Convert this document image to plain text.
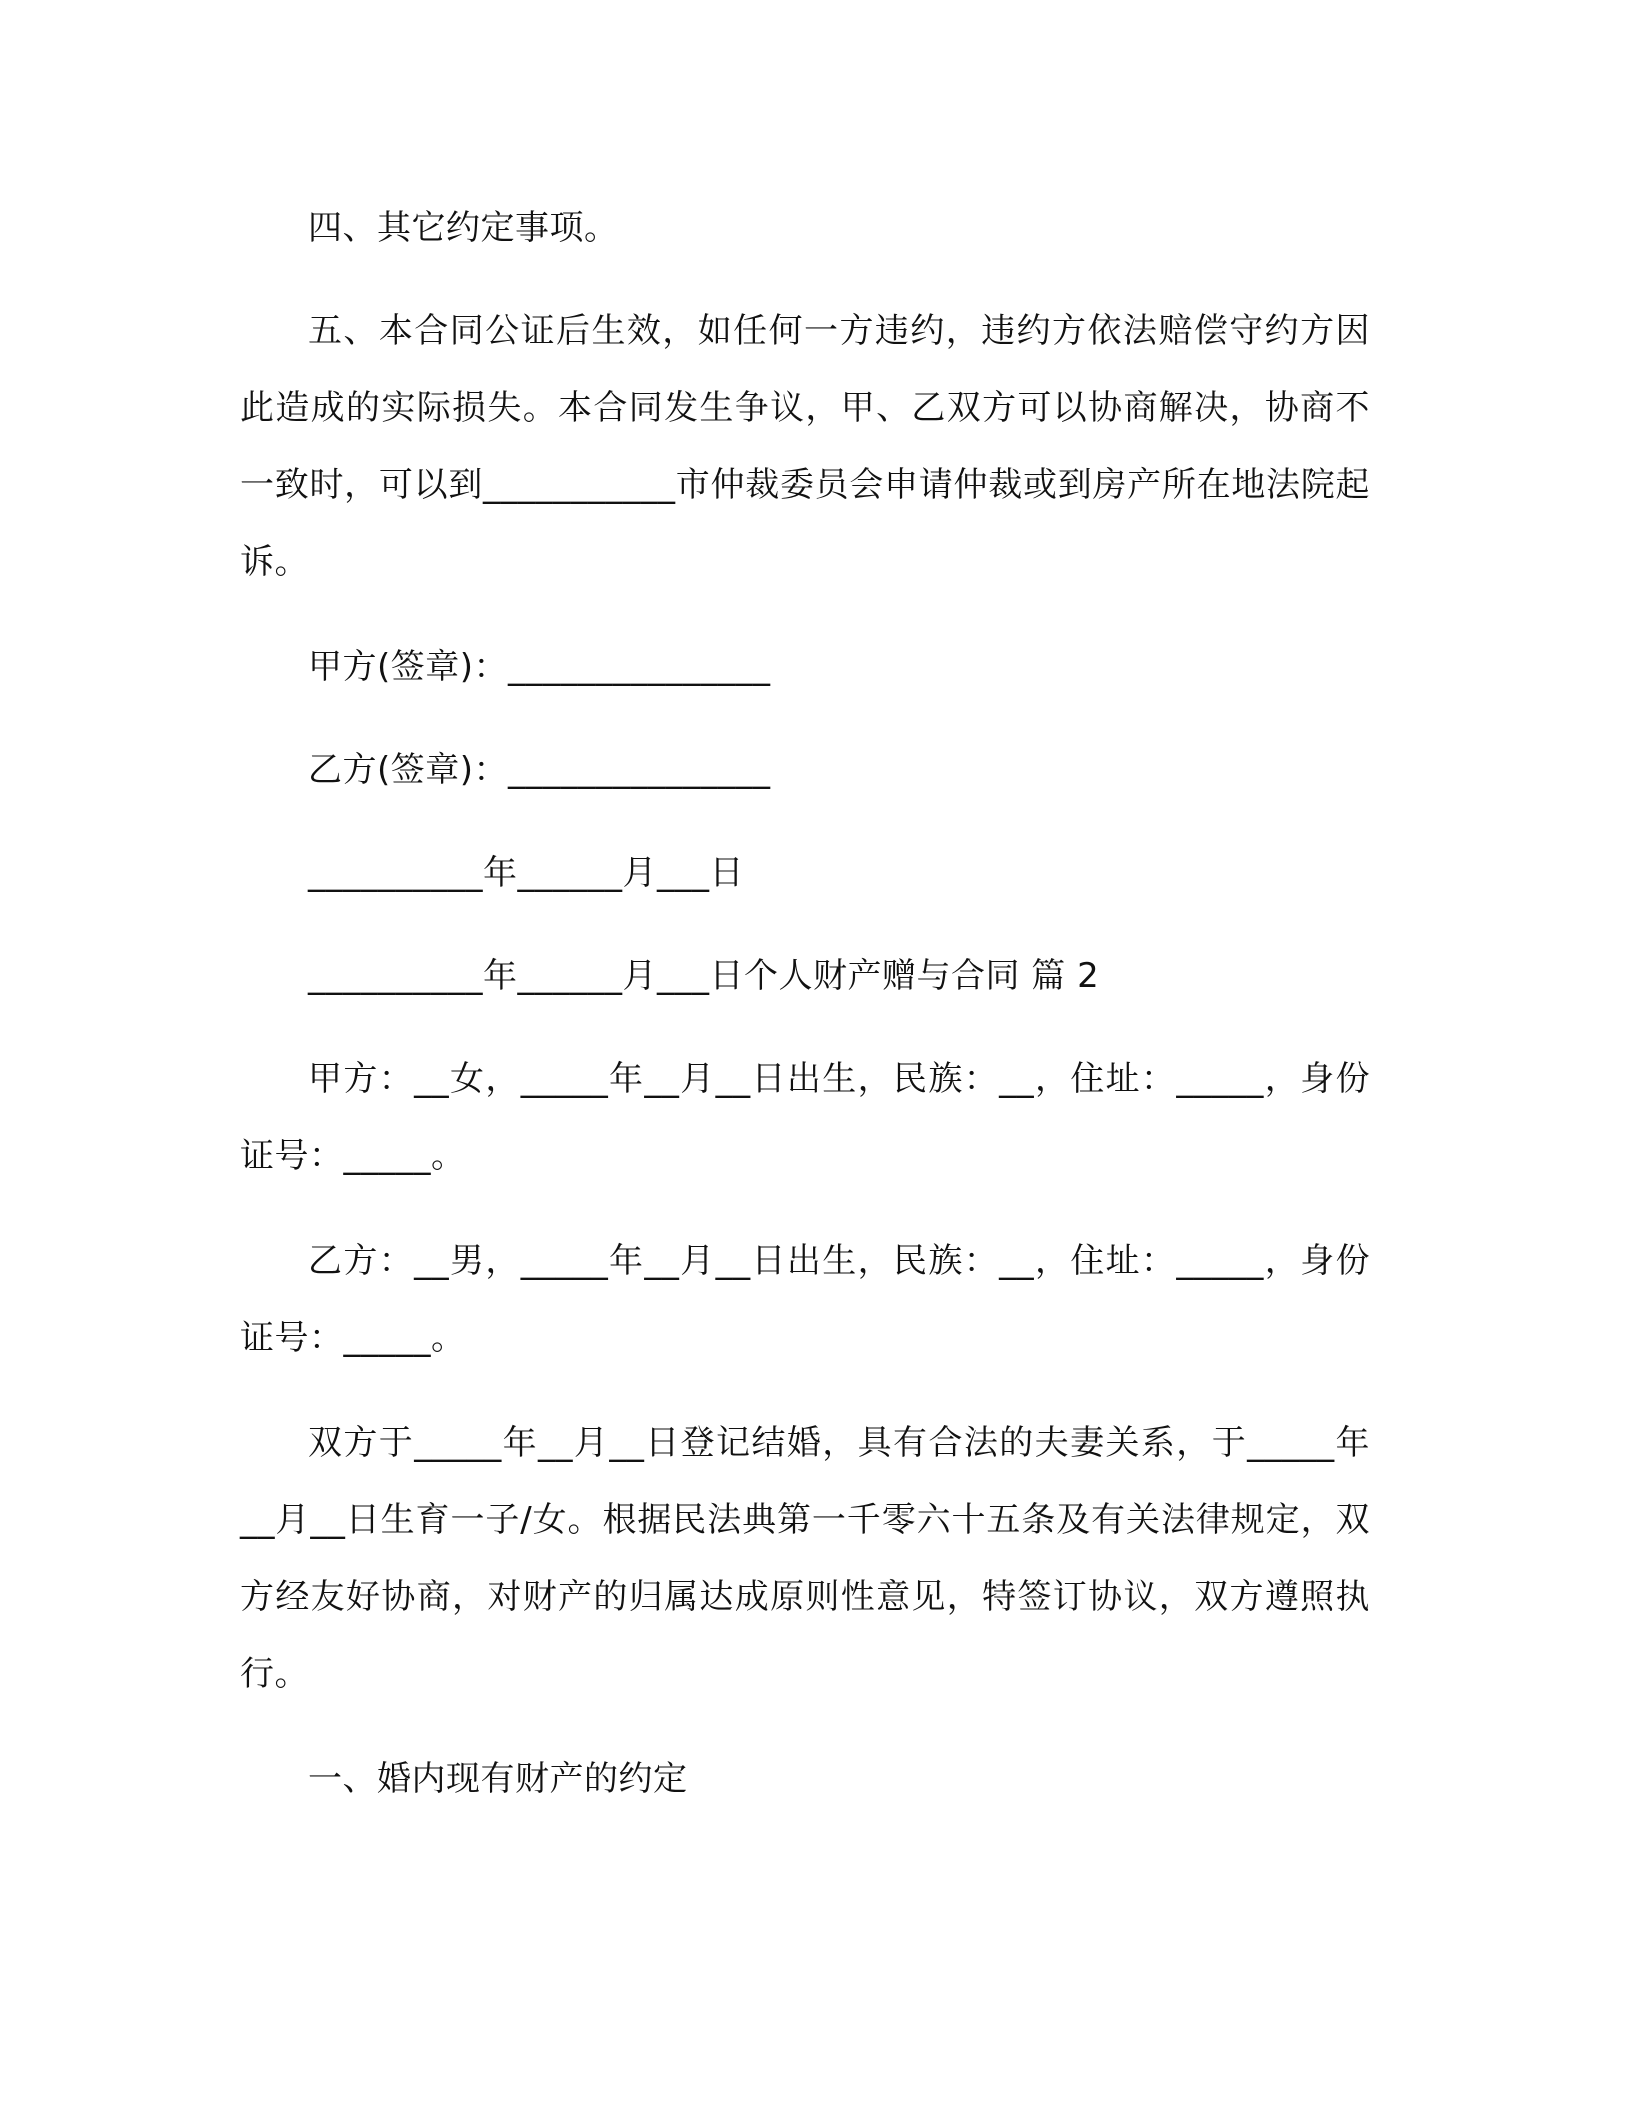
四、其它约定事项。

五、本合同公证后生效，如任何一方违约，违约方依法赔偿守约方因此造成的实际损失。本合同发生争议，甲、乙双方可以协商解决，协商不一致时，可以到___________市仲裁委员会申请仲裁或到房产所在地法院起诉。

甲方(签章)：_______________

乙方(签章)：_______________

__________年______月___日

__________年______月___日个人财产赠与合同 篇 2

甲方：__女，_____年__月__日出生，民族：__，住址：_____，身份证号：_____。

乙方：__男，_____年__月__日出生，民族：__，住址：_____，身份证号：_____。

双方于_____年__月__日登记结婚，具有合法的夫妻关系，于_____年__月__日生育一子/女。根据民法典第一千零六十五条及有关法律规定，双方经友好协商，对财产的归属达成原则性意见，特签订协议，双方遵照执行。

一、婚内现有财产的约定
